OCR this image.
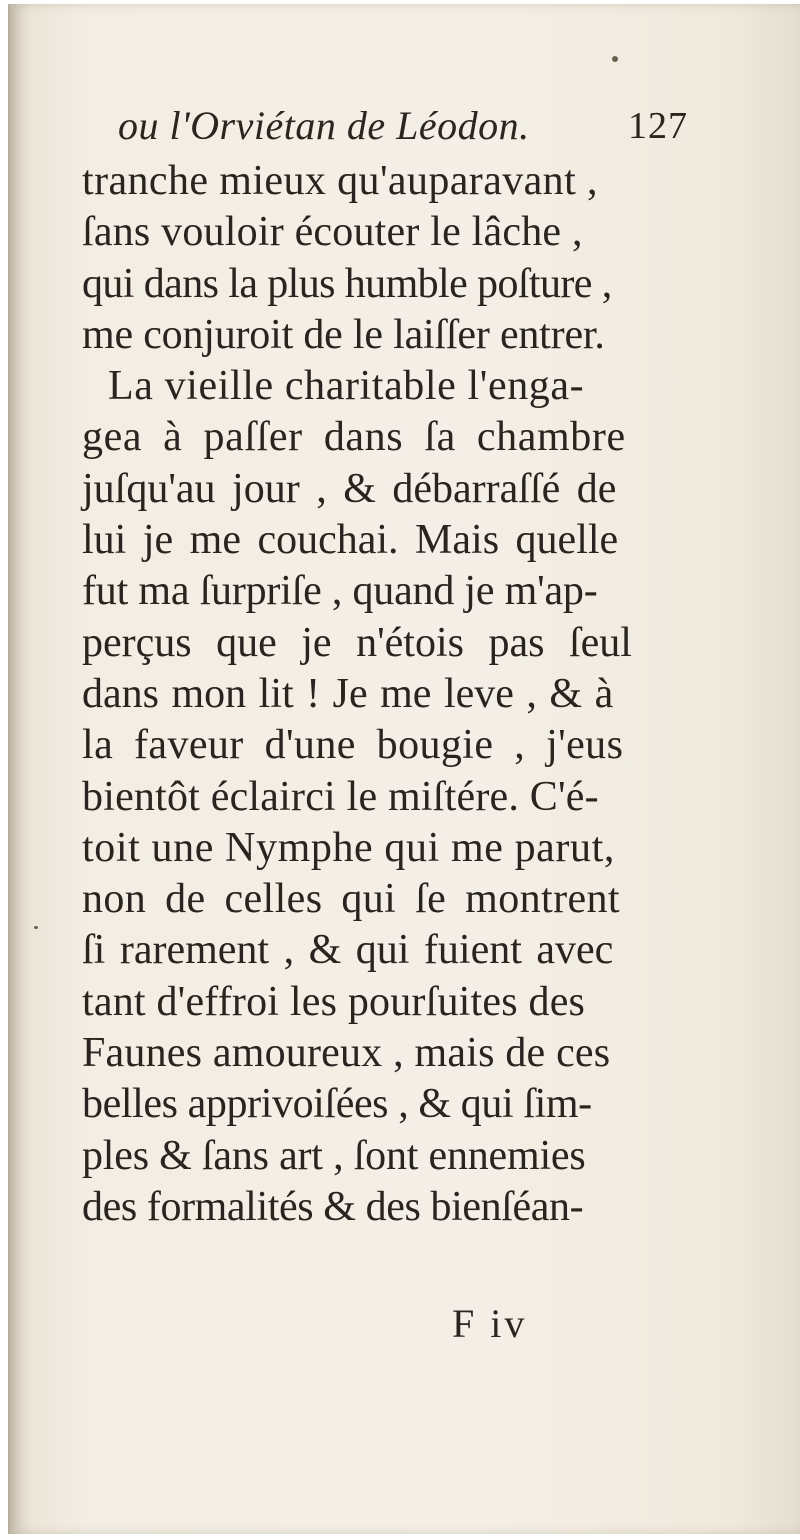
ou l'Orviétan de Léodon.	127
tranche mieux qu'auparavant ,
ſans vouloir écouter le lâche ,
qui dans la plus humble poſture ,
me conjuroit de le laiſſer entrer.
La vieille charitable l'enga-
gea à paſſer dans ſa chambre
juſqu'au jour , & débarraſſé de
lui je me couchai. Mais quelle
fut ma ſurpriſe , quand je m'ap-
perçus que je n'étois pas ſeul
dans mon lit ! Je me leve , & à
la faveur d'une bougie , j'eus
bientôt éclairci le miſtére. C'é-
toit une Nymphe qui me parut,
non de celles qui ſe montrent
ſi rarement , & qui fuient avec
tant d'effroi les pourſuites des
Faunes amoureux , mais de ces
belles apprivoiſées , & qui ſim-
ples & ſans art , ſont ennemies
des formalités & des bienſéan-
F iv
